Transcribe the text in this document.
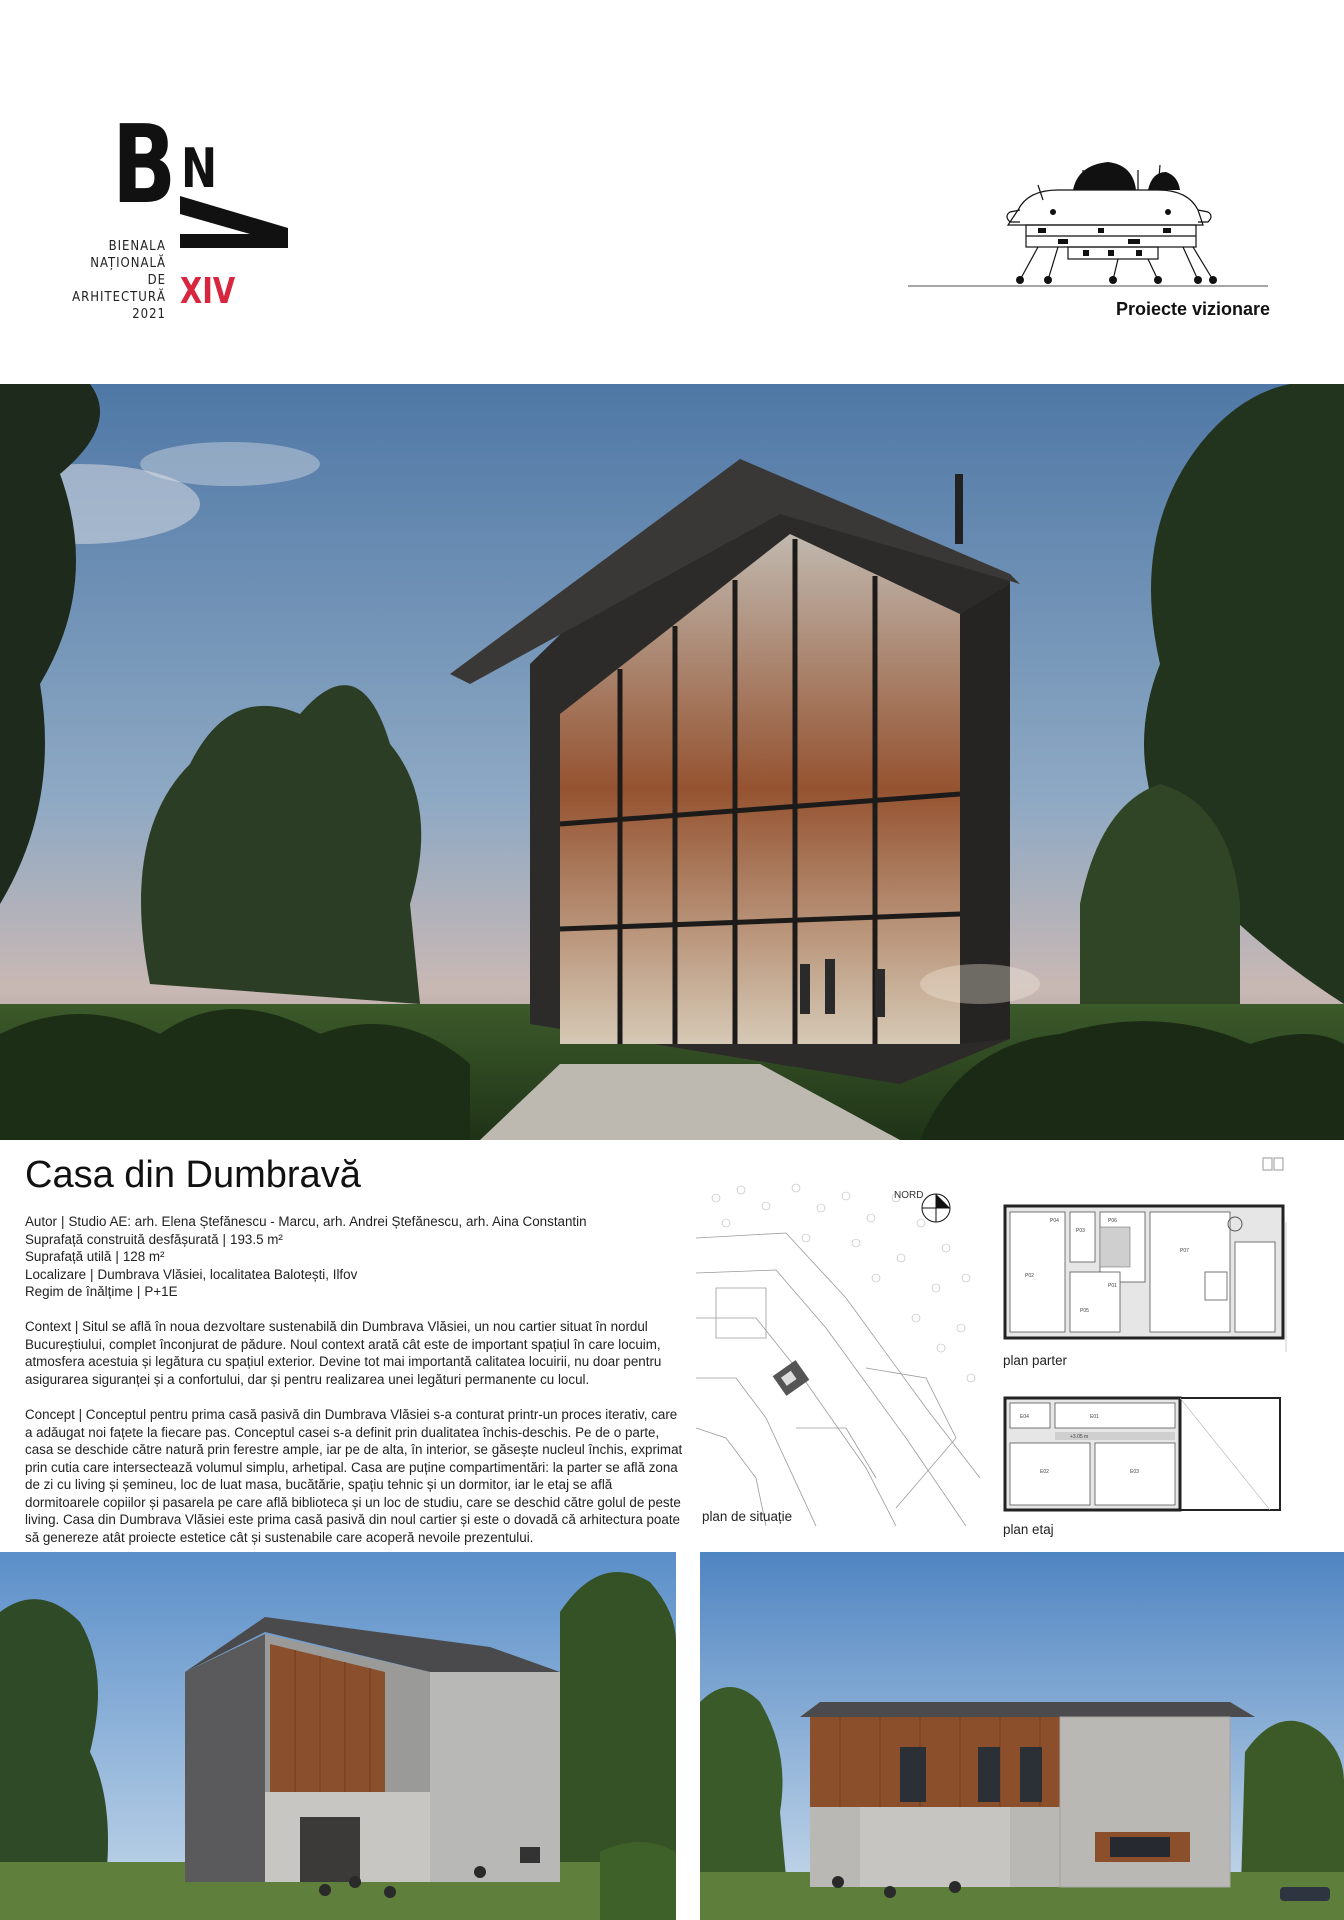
B N
BIENALA
NAȚIONALĂ
DE
ARHITECTURĂ
2021
XIV	Proiecte vizionare
Casa din Dumbravă
Autor | Studio AE: arh. Elena Ștefănescu - Marcu, arh. Andrei Ștefănescu, arh. Aina Constantin
Suprafață construită desfășurată | 193.5 m²
Suprafață utilă | 128 m²
Localizare | Dumbrava Vlăsiei, localitatea Balotești, Ilfov
Regim de înălțime | P+1E
Context | Situl se află în noua dezvoltare sustenabilă din Dumbrava Vlăsiei, un nou cartier situat în nordul Bucureștiului, complet înconjurat de pădure. Noul context arată cât este de important spațiul în care locuim, atmosfera acestuia și legătura cu spațiul exterior. Devine tot mai importantă calitatea locuirii, nu doar pentru asigurarea siguranței și a confortului, dar și pentru realizarea unei legături permanente cu locul.
Concept | Conceptul pentru prima casă pasivă din Dumbrava Vlăsiei s-a conturat printr-un proces iterativ, care a adăugat noi fațete la fiecare pas. Conceptul casei s-a definit prin dualitatea închis-deschis. Pe de o parte, casa se deschide către natură prin ferestre ample, iar pe de alta, în interior, se găsește nucleul închis, exprimat prin cutia care intersectează volumul simplu, arhetipal. Casa are puține compartimentări: la parter se află zona de zi cu living și șemineu, loc de luat masa, bucătărie, spațiu tehnic și un dormitor, iar le etaj se află dormitoarele copiilor și pasarela pe care află biblioteca și un loc de studiu, care se deschid către golul de peste living. Casa din Dumbrava Vlăsiei este prima casă pasivă din noul cartier și este o dovadă că arhitectura poate să genereze atât proiecte estetice cât și sustenabile care acoperă nevoile prezentului.
NORD
plan de situație
P02
P03
P01
P07
P05
P06
P04
plan parter
E04	E01
E02	E03
+3.05 m
plan etaj
